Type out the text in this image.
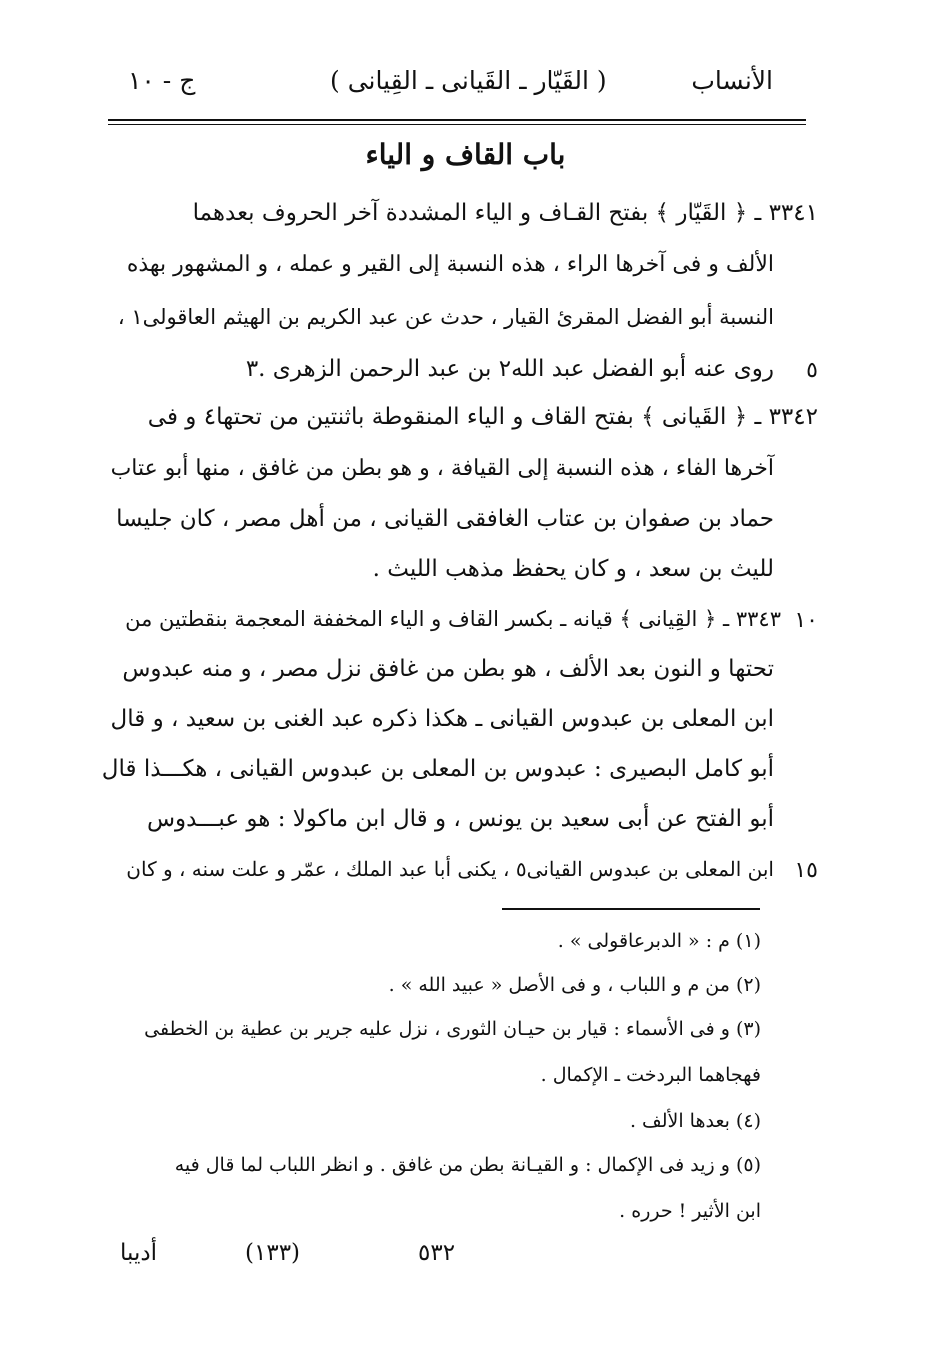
ج - ١٠	( القَيّار ـ القَيانى ـ القِيانى )	الأنساب
باب القاف و الياء
٣٣٤١ ـ ﴿ القَيّار ﴾ بفتح القـاف و الياء المشددة آخر الحروف بعدهما
الألف و فى آخرها الراء ، هذه النسبة إلى القير و عمله ، و المشهور بهذه
النسبة أبو الفضل المقرئ القيار ، حدث عن عبد الكريم بن الهيثم العاقولى١ ،
٥
روى عنه أبو الفضل عبد الله٢ بن عبد الرحمن الزهرى .٣
٣٣٤٢ ـ ﴿ القَيانى ﴾ بفتح القاف و الياء المنقوطة باثنتين من تحتها٤ و فى
آخرها الفاء ، هذه النسبة إلى القيافة ، و هو بطن من غافق ، منها أبو عتاب
حماد بن صفوان بن عتاب الغافقى القيانى ، من أهل مصر ، كان جليسا
لليث بن سعد ، و كان يحفظ مذهب الليث .
١٠
٣٣٤٣ ـ ﴿ القِيانى ﴾ قيانه ـ بكسر القاف و الياء المخففة المعجمة بنقطتين من
تحتها و النون بعد الألف ، هو بطن من غافق نزل مصر ، و منه عبدوس
ابن المعلى بن عبدوس القيانى ـ هكذا ذكره عبد الغنى بن سعيد ، و قال
أبو كامل البصيرى : عبدوس بن المعلى بن عبدوس القيانى ، هكـــذا قال
أبو الفتح عن أبى سعيد بن يونس ، و قال ابن ماكولا : هو عبـــدوس
١٥
ابن المعلى بن عبدوس القيانى٥ ، يكنى أبا عبد الملك ، عمّر و علت سنه ، و كان
(١) م : « الدبرعاقولى » .
(٢) من م و اللباب ، و فى الأصل « عبيد الله » .
(٣) و فى الأسماء : قيار بن حيـان الثورى ، نزل عليه جرير بن عطية بن الخطفى
فهجاهما البردخت ـ الإكمال .
(٤) بعدها الألف .
(٥) و زيد فى الإكمال : و القيـانة بطن من غافق . و انظر اللباب لما قال فيه
ابن الأثير ! حرره .
أديبا	(١٣٣)	٥٣٢
